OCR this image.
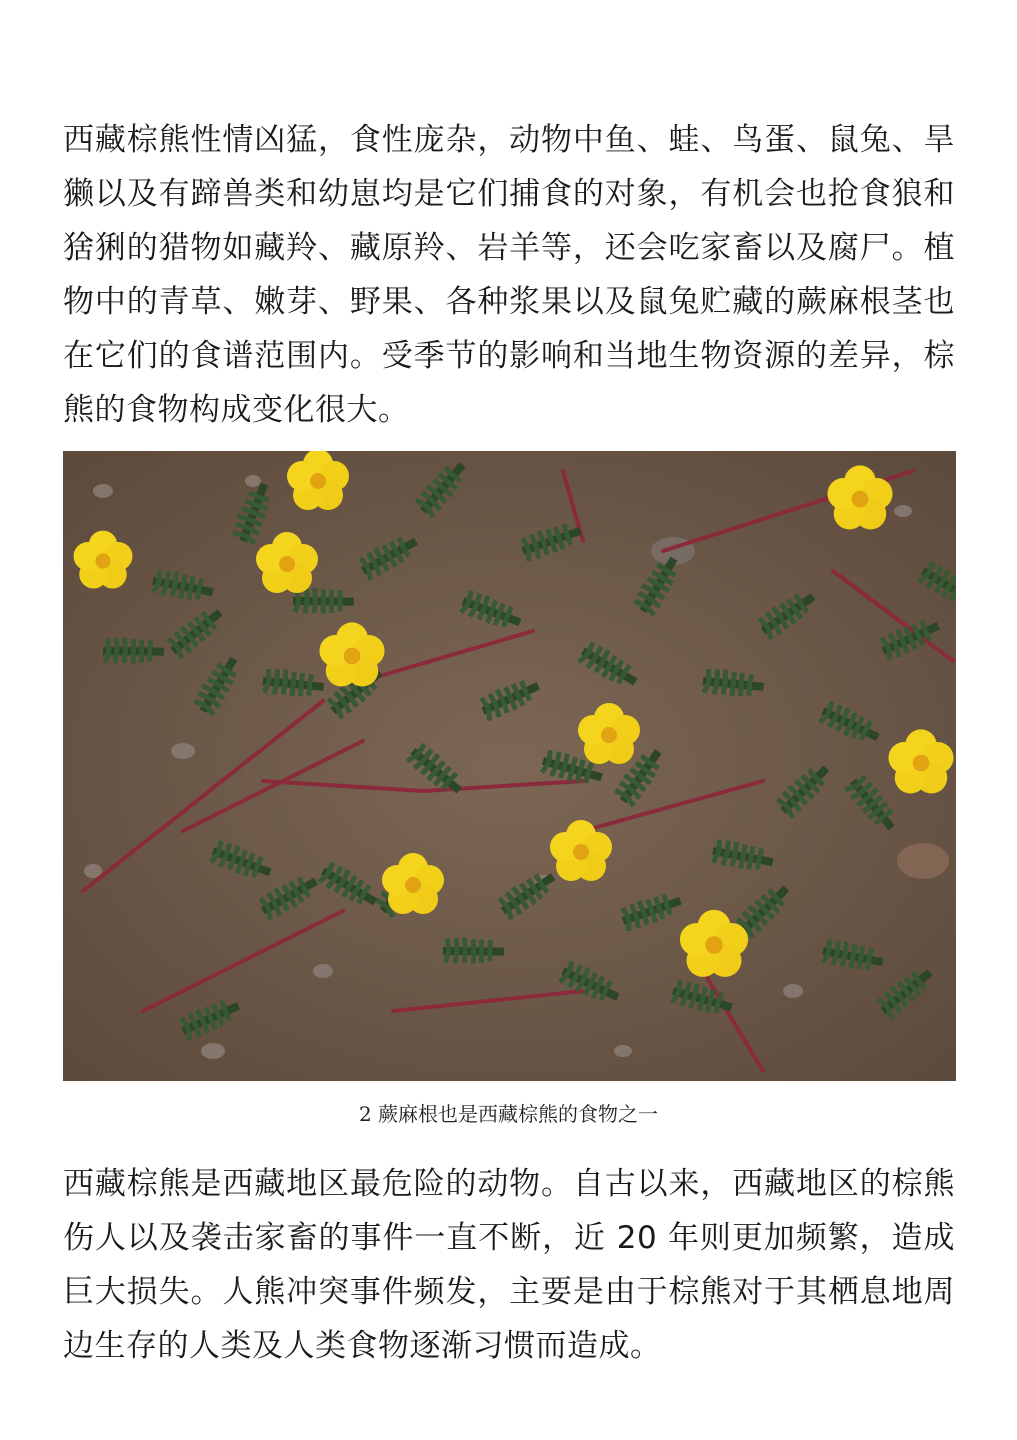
西藏棕熊性情凶猛，食性庞杂，动物中鱼、蛙、鸟蛋、鼠兔、旱獭以及有蹄兽类和幼崽均是它们捕食的对象，有机会也抢食狼和猞猁的猎物如藏羚、藏原羚、岩羊等，还会吃家畜以及腐尸。植物中的青草、嫩芽、野果、各种浆果以及鼠兔贮藏的蕨麻根茎也在它们的食谱范围内。受季节的影响和当地生物资源的差异，棕熊的食物构成变化很大。

2 蕨麻根也是西藏棕熊的食物之一

西藏棕熊是西藏地区最危险的动物。自古以来，西藏地区的棕熊伤人以及袭击家畜的事件一直不断，近 20 年则更加频繁，造成巨大损失。人熊冲突事件频发，主要是由于棕熊对于其栖息地周边生存的人类及人类食物逐渐习惯而造成。
